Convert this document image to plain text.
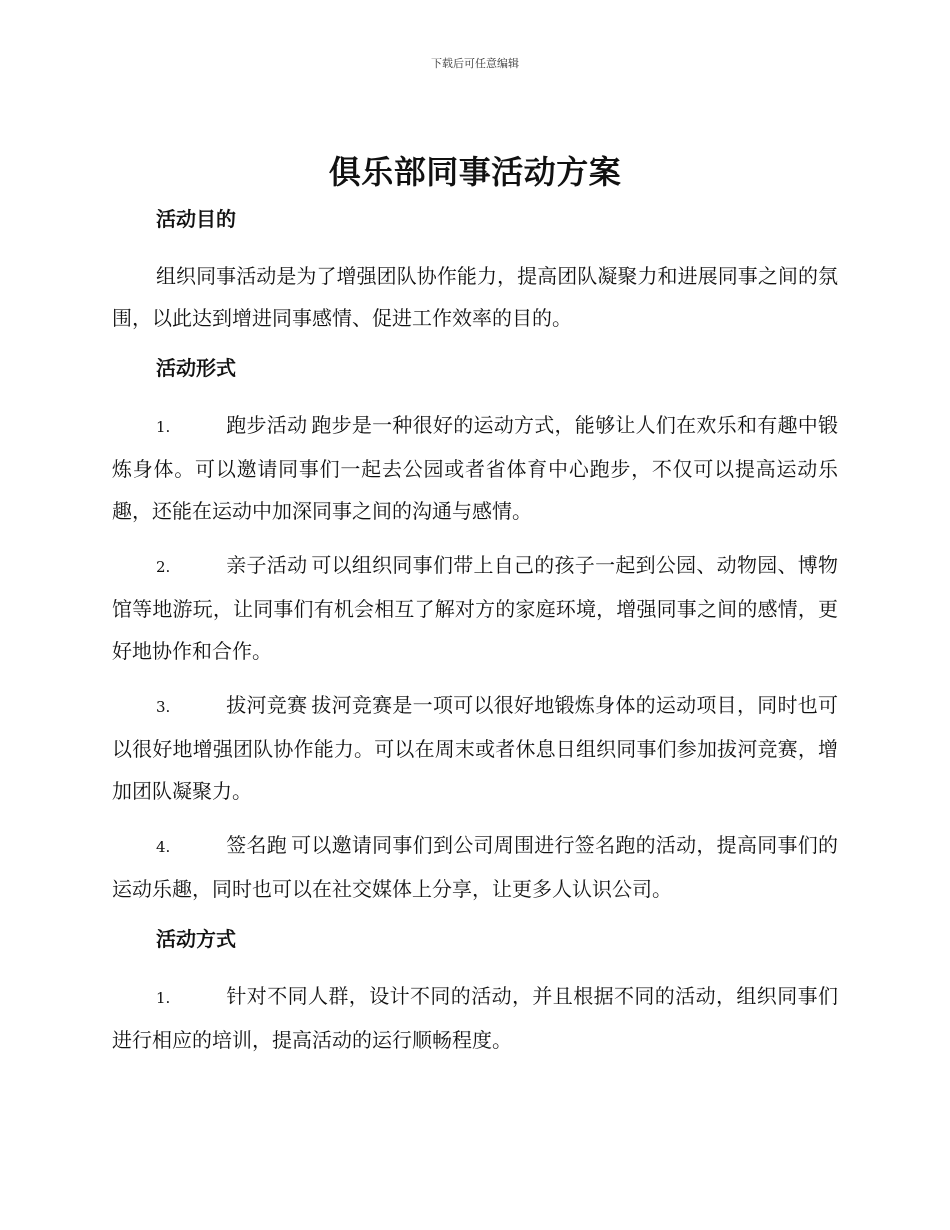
下载后可任意编辑
俱乐部同事活动方案
活动目的

组织同事活动是为了增强团队协作能力，提高团队凝聚力和进展同事之间的氛围，以此达到增进同事感情、促进工作效率的目的。

活动形式

1.	跑步活动 跑步是一种很好的运动方式，能够让人们在欢乐和有趣中锻炼身体。可以邀请同事们一起去公园或者省体育中心跑步，不仅可以提高运动乐趣，还能在运动中加深同事之间的沟通与感情。

2.	亲子活动 可以组织同事们带上自己的孩子一起到公园、动物园、博物馆等地游玩，让同事们有机会相互了解对方的家庭环境，增强同事之间的感情，更好地协作和合作。

3.	拔河竞赛 拔河竞赛是一项可以很好地锻炼身体的运动项目，同时也可以很好地增强团队协作能力。可以在周末或者休息日组织同事们参加拔河竞赛，增加团队凝聚力。

4.	签名跑 可以邀请同事们到公司周围进行签名跑的活动，提高同事们的运动乐趣，同时也可以在社交媒体上分享，让更多人认识公司。

活动方式

1.	针对不同人群，设计不同的活动，并且根据不同的活动，组织同事们进行相应的培训，提高活动的运行顺畅程度。
